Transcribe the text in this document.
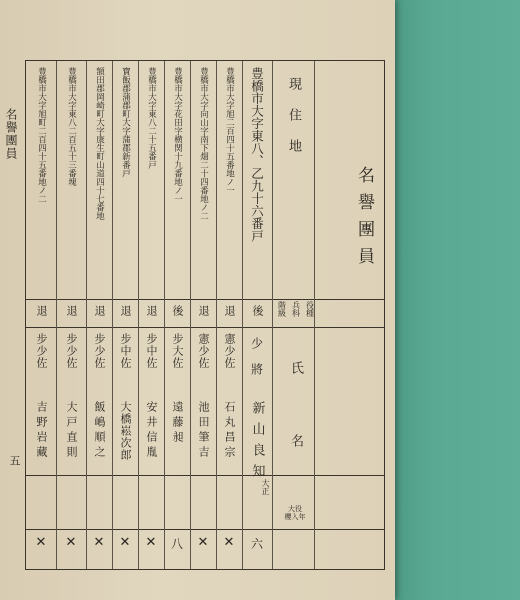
名譽團員
五
名譽團員
現住地
役種
兵科
階級
氏名
大役
櫻入年
豊橋市大字東八、乙九十六番戸
後
少將
新山良知
大正
六
豊橋市大字旭二百四十五番地ノ一
退
憲少佐
石丸昌宗
✕
豊橋市大字向山字南下畑二十四番地ノ二
退
憲少佐
池田筆吉
✕
豊橋市大字花田字横関十九番地ノ一
後
步大佐
遠藤昶
八
豊橋市大字東八二十五番戸
退
步中佐
安井信胤
✕
寶飯郡蒲郡町大字蒲郡新番戸
退
步中佐
大橋崧次郎
✕
額田郡岡崎町大字康生町山道四十七番地
退
步少佐
飯嶋順之
✕
豊橋市大字東八二百五十三番塊
退
步少佐
大戸直則
✕
豊橋市大字旭町二百四十五番地ノ二
退
步少佐
吉野岩藏
✕
